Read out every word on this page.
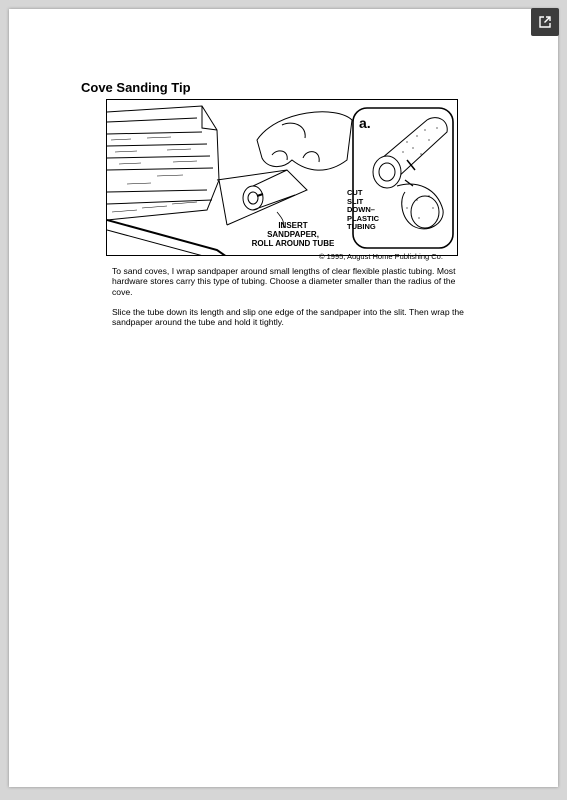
Cove Sanding Tip
INSERT
SANDPAPER,
ROLL AROUND TUBE
a.
CUT
SLIT
DOWN–
PLASTIC
TUBING
© 1995, August Home Publishing Co.

To sand coves, I wrap sandpaper around small lengths of clear flexible plastic tubing. Most hardware stores carry this type of tubing. Choose a diameter smaller than the radius of the cove.

Slice the tube down its length and slip one edge of the sandpaper into the slit. Then wrap the sandpaper around the tube and hold it tightly.
